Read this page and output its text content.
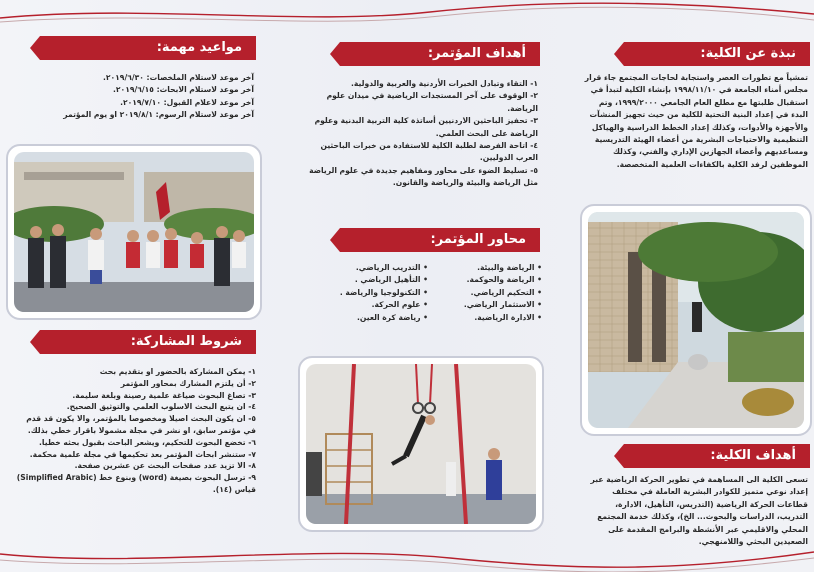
نبذة عن الكلية:
تمشياً مع تطورات العصر واستجابة لحاجات المجتمع جاء قرار مجلس أمناء الجامعة في ١٩٩٨/١١/١٠ بإنشاء الكلية لتبدأ في استقبال طلبتها مع مطلع العام الجامعي ١٩٩٩/٢٠٠٠، وتم البدء في إعداد البنية التحتية للكلية من حيث تجهيز المنشآت والأجهزة والأدوات، وكذلك إعداد الخطط الدراسية والهياكل التنظيمية والاحتياجات البشرية من أعضاء الهيئة التدريسية ومساعديهم وأعضاء الجهازين الإداري والفني، وكذلك الموظفين لرفد الكلية بالكفاءات العلمية المتخصصة.
أهداف الكلية:
تسعى الكلية الى المساهمة في تطوير الحركة الرياضية عبر إعداد نوعي متميز للكوادر البشرية العاملة في مختلف قطاعات الحركة الرياضية (التدريس، التأهيل، الادارة، التدريب، الدراسات والبحوث... الخ)، وكذلك خدمة المجتمع المحلي والاقليمي عبر الأنشطة والبرامج المقدمة على الصعيدين البحثي واللامنهجي.
أهداف المؤتمر:

١- التقاء وتبادل الخبرات الأردنية والعربية والدولية.

٢- الوقوف على آخر المستجدات الرياضية في ميدان علوم الرياضة.

٣- تحفيز الباحثين الاردنيين أساتذة كلية التربية البدنية وعلوم الرياضة على البحث العلمي.

٤- اتاحة الفرصة لطلبة الكلية للاستفادة من خبرات الباحثين العرب الدوليين.

٥- تسليط الضوء على محاور ومفاهيم جديدة في علوم الرياضة مثل الرياضة والبيئة والرياضة والقانون.

محاور المؤتمر:
• الرياضة والبيئة.
• الرياضة والحوكمة.
• التحكيم الرياضي.
• الاستثمار الرياضي.
• الادارة الرياضية.
• التدريب الرياضي.
• التأهيل الرياضي .
• التكنولوجيا والرياضة .
• علوم الحركة.
• رياضة كرة العين.
مواعيد مهمة:

آخر موعد لاستلام الملخصات: ٢٠١٩/٦/٣٠.

آخر موعد لاستلام الابحاث: ٢٠١٩/٦/١٥.

آخر موعد لاعلام القبول: ٢٠١٩/٧/١٠.

آخر موعد لاستلام الرسوم: ٢٠١٩/٨/١ او يوم المؤتمر

شروط المشاركة:

١- يمكن المشاركة بالحضور او بتقديم بحث

٢- أن يلتزم المشارك بمحاور المؤتمر

٣- تصاغ البحوث صياغة علمية رصينة وبلغة سليمة.

٤- ان يتبع البحث الاسلوب العلمي والتوثيق الصحيح.

٥- ان يكون البحث اصيلا ومخصوصا بالمؤتمر، والا يكون قد قدم في مؤتمر سابق، او نشر في مجلة مشمولا باقرار خطي بذلك.

٦- تخضع البحوث للتحكيم، ويشعر الباحث بقبول بحثه خطيا.

٧- ستنشر ابحاث المؤتمر بعد تحكيمها في مجلة علمية محكمة.

٨- الا تزيد عدد صفحات البحث عن عشرين صفحة.

٩- ترسل البحوث بصيغة (word) وبنوع خط (Simplified Arabic) قياس (١٤).
